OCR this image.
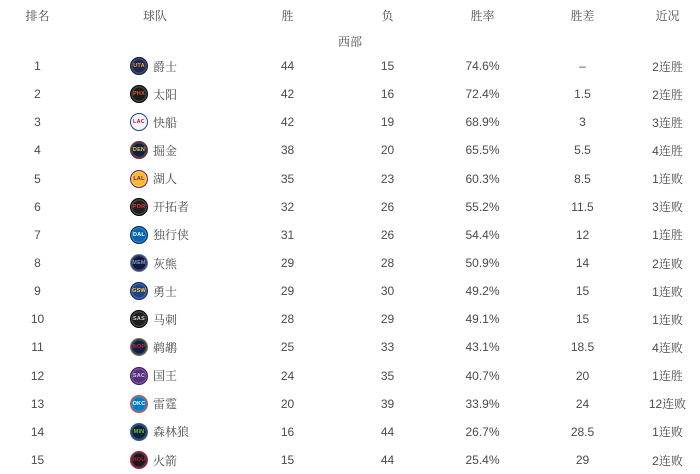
排名	球队	胜	负	胜率	胜差	近况
西部
1	UTA 爵士	44	15	74.6%	–	2连胜
2	PHX 太阳	42	16	72.4%	1.5	2连胜
3	LAC 快船	42	19	68.9%	3	3连胜
4	DEN 掘金	38	20	65.5%	5.5	4连胜
5	LAL 湖人	35	23	60.3%	8.5	1连败
6	POR 开拓者	32	26	55.2%	11.5	3连败
7	DAL 独行侠	31	26	54.4%	12	1连胜
8	MEM 灰熊	29	28	50.9%	14	2连败
9	GSW 勇士	29	30	49.2%	15	1连败
10	SAS 马刺	28	29	49.1%	15	1连败
11	NOP 鹈鹕	25	33	43.1%	18.5	4连败
12	SAC 国王	24	35	40.7%	20	1连胜
13	OKC 雷霆	20	39	33.9%	24	12连败
14	MIN 森林狼	16	44	26.7%	28.5	1连败
15	HOU 火箭	15	44	25.4%	29	2连败
